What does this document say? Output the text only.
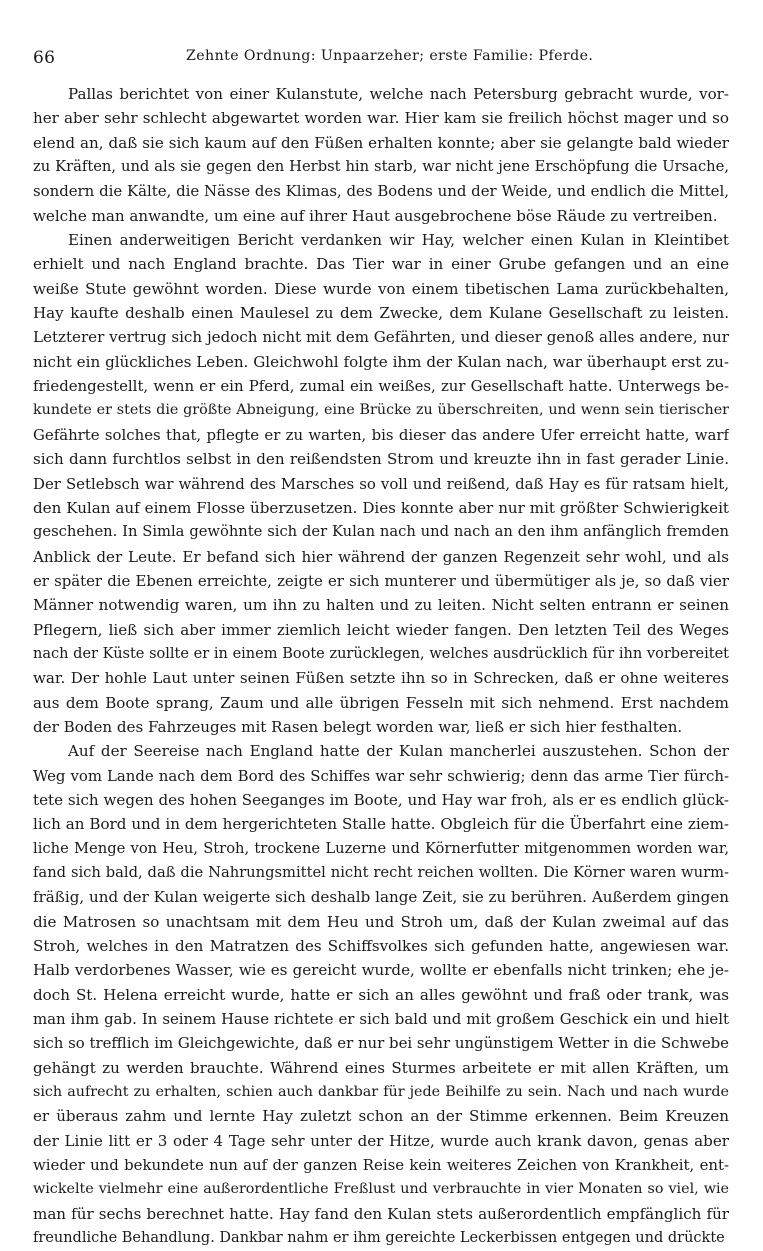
66	Zehnte Ordnung: Unpaarzeher; erste Familie: Pferde.
Pallas berichtet von einer Kulanstute, welche nach Petersburg gebracht wurde, vor-
her aber sehr schlecht abgewartet worden war. Hier kam sie freilich höchst mager und so
elend an, daß sie sich kaum auf den Füßen erhalten konnte; aber sie gelangte bald wieder
zu Kräften, und als sie gegen den Herbst hin starb, war nicht jene Erschöpfung die Ursache,
sondern die Kälte, die Nässe des Klimas, des Bodens und der Weide, und endlich die Mittel,
welche man anwandte, um eine auf ihrer Haut ausgebrochene böse Räude zu vertreiben.
Einen anderweitigen Bericht verdanken wir Hay, welcher einen Kulan in Kleintibet
erhielt und nach England brachte. Das Tier war in einer Grube gefangen und an eine
weiße Stute gewöhnt worden. Diese wurde von einem tibetischen Lama zurückbehalten,
Hay kaufte deshalb einen Maulesel zu dem Zwecke, dem Kulane Gesellschaft zu leisten.
Letzterer vertrug sich jedoch nicht mit dem Gefährten, und dieser genoß alles andere, nur
nicht ein glückliches Leben. Gleichwohl folgte ihm der Kulan nach, war überhaupt erst zu-
friedengestellt, wenn er ein Pferd, zumal ein weißes, zur Gesellschaft hatte. Unterwegs be-
kundete er stets die größte Abneigung, eine Brücke zu überschreiten, und wenn sein tierischer
Gefährte solches that, pflegte er zu warten, bis dieser das andere Ufer erreicht hatte, warf
sich dann furchtlos selbst in den reißendsten Strom und kreuzte ihn in fast gerader Linie.
Der Setlebsch war während des Marsches so voll und reißend, daß Hay es für ratsam hielt,
den Kulan auf einem Flosse überzusetzen. Dies konnte aber nur mit größter Schwierigkeit
geschehen. In Simla gewöhnte sich der Kulan nach und nach an den ihm anfänglich fremden
Anblick der Leute. Er befand sich hier während der ganzen Regenzeit sehr wohl, und als
er später die Ebenen erreichte, zeigte er sich munterer und übermütiger als je, so daß vier
Männer notwendig waren, um ihn zu halten und zu leiten. Nicht selten entrann er seinen
Pflegern, ließ sich aber immer ziemlich leicht wieder fangen. Den letzten Teil des Weges
nach der Küste sollte er in einem Boote zurücklegen, welches ausdrücklich für ihn vorbereitet
war. Der hohle Laut unter seinen Füßen setzte ihn so in Schrecken, daß er ohne weiteres
aus dem Boote sprang, Zaum und alle übrigen Fesseln mit sich nehmend. Erst nachdem
der Boden des Fahrzeuges mit Rasen belegt worden war, ließ er sich hier festhalten.
Auf der Seereise nach England hatte der Kulan mancherlei auszustehen. Schon der
Weg vom Lande nach dem Bord des Schiffes war sehr schwierig; denn das arme Tier fürch-
tete sich wegen des hohen Seeganges im Boote, und Hay war froh, als er es endlich glück-
lich an Bord und in dem hergerichteten Stalle hatte. Obgleich für die Überfahrt eine ziem-
liche Menge von Heu, Stroh, trockene Luzerne und Körnerfutter mitgenommen worden war,
fand sich bald, daß die Nahrungsmittel nicht recht reichen wollten. Die Körner waren wurm-
fräßig, und der Kulan weigerte sich deshalb lange Zeit, sie zu berühren. Außerdem gingen
die Matrosen so unachtsam mit dem Heu und Stroh um, daß der Kulan zweimal auf das
Stroh, welches in den Matratzen des Schiffsvolkes sich gefunden hatte, angewiesen war.
Halb verdorbenes Wasser, wie es gereicht wurde, wollte er ebenfalls nicht trinken; ehe je-
doch St. Helena erreicht wurde, hatte er sich an alles gewöhnt und fraß oder trank, was
man ihm gab. In seinem Hause richtete er sich bald und mit großem Geschick ein und hielt
sich so trefflich im Gleichgewichte, daß er nur bei sehr ungünstigem Wetter in die Schwebe
gehängt zu werden brauchte. Während eines Sturmes arbeitete er mit allen Kräften, um
sich aufrecht zu erhalten, schien auch dankbar für jede Beihilfe zu sein. Nach und nach wurde
er überaus zahm und lernte Hay zuletzt schon an der Stimme erkennen. Beim Kreuzen
der Linie litt er 3 oder 4 Tage sehr unter der Hitze, wurde auch krank davon, genas aber
wieder und bekundete nun auf der ganzen Reise kein weiteres Zeichen von Krankheit, ent-
wickelte vielmehr eine außerordentliche Freßlust und verbrauchte in vier Monaten so viel, wie
man für sechs berechnet hatte. Hay fand den Kulan stets außerordentlich empfänglich für
freundliche Behandlung. Dankbar nahm er ihm gereichte Leckerbissen entgegen und drückte
